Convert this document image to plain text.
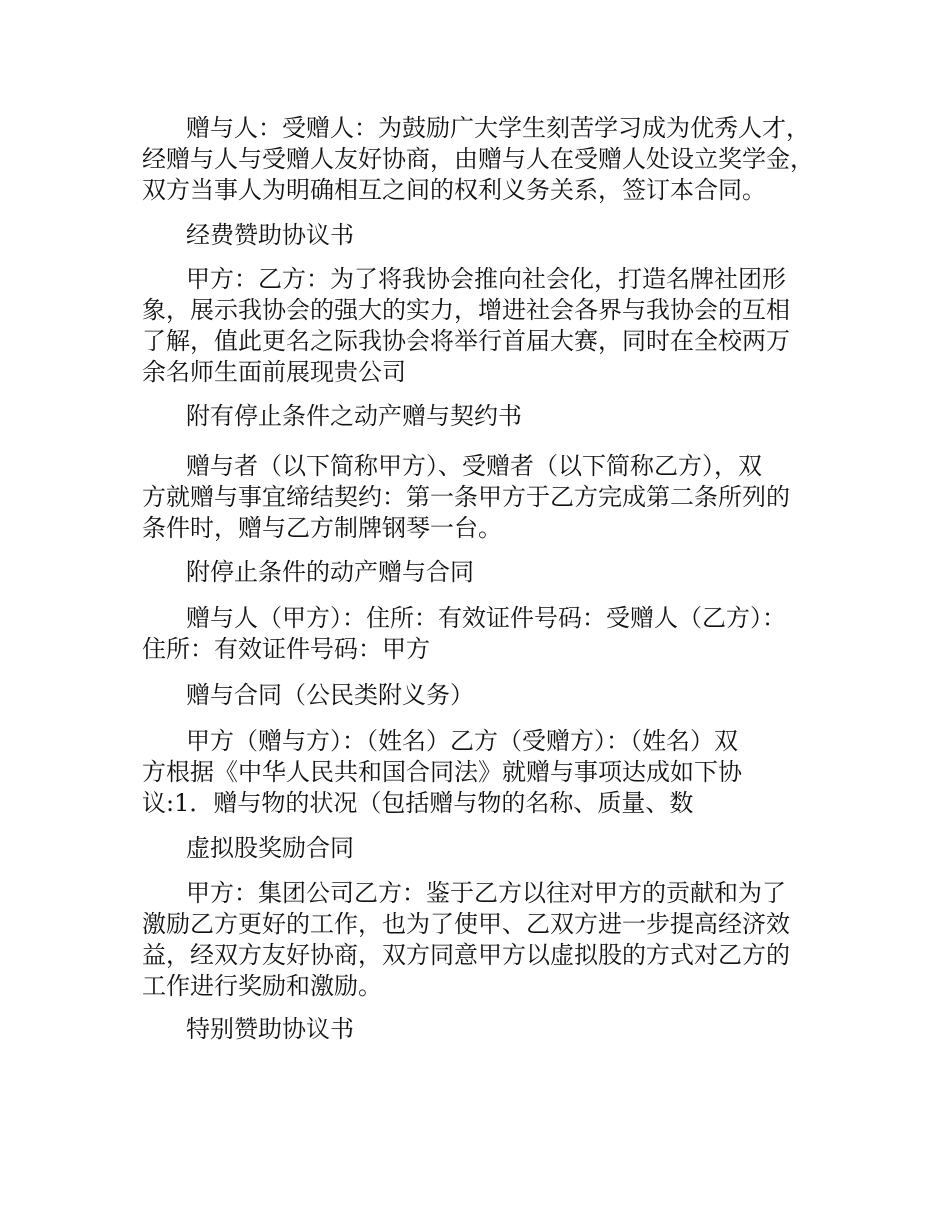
赠与人：受赠人：为鼓励广大学生刻苦学习成为优秀人才，
经赠与人与受赠人友好协商，由赠与人在受赠人处设立奖学金，
双方当事人为明确相互之间的权利义务关系，签订本合同。
经费赞助协议书
甲方：乙方：为了将我协会推向社会化，打造名牌社团形
象，展示我协会的强大的实力，增进社会各界与我协会的互相
了解，值此更名之际我协会将举行首届大赛，同时在全校两万
余名师生面前展现贵公司
附有停止条件之动产赠与契约书
赠与者（以下简称甲方）、受赠者（以下简称乙方），双
方就赠与事宜缔结契约：第一条甲方于乙方完成第二条所列的
条件时，赠与乙方制牌钢琴一台。
附停止条件的动产赠与合同
赠与人（甲方）：住所：有效证件号码：受赠人（乙方）：
住所：有效证件号码：甲方
赠与合同（公民类附义务）
甲方（赠与方）：（姓名）乙方（受赠方）：（姓名）双
方根据《中华人民共和国合同法》就赠与事项达成如下协
议:1．赠与物的状况（包括赠与物的名称、质量、数
虚拟股奖励合同
甲方：集团公司乙方：鉴于乙方以往对甲方的贡献和为了
激励乙方更好的工作，也为了使甲、乙双方进一步提高经济效
益，经双方友好协商，双方同意甲方以虚拟股的方式对乙方的
工作进行奖励和激励。
特别赞助协议书
